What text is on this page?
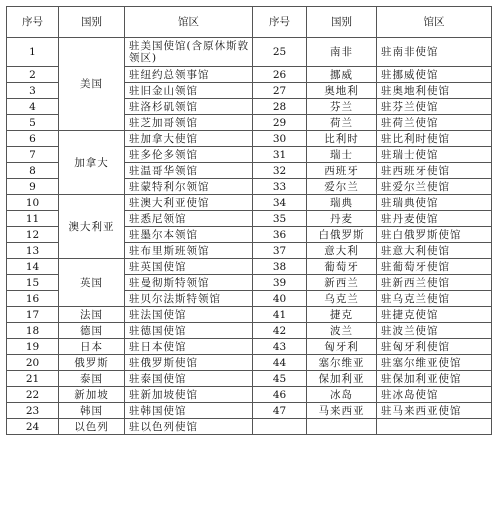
序号	国别	馆区	序号	国别	馆区
1	美国	驻美国使馆(含原休斯敦领区)	25	南非	驻南非使馆
2		驻纽约总领事馆	26	挪威	驻挪威使馆
3		驻旧金山领馆	27	奥地利	驻奥地利使馆
4		驻洛杉矶领馆	28	芬兰	驻芬兰使馆
5		驻芝加哥领馆	29	荷兰	驻荷兰使馆
6	加拿大	驻加拿大使馆	30	比利时	驻比利时使馆
7		驻多伦多领馆	31	瑞士	驻瑞士使馆
8		驻温哥华领馆	32	西班牙	驻西班牙使馆
9		驻蒙特利尔领馆	33	爱尔兰	驻爱尔兰使馆
10	澳大利亚	驻澳大利亚使馆	34	瑞典	驻瑞典使馆
11		驻悉尼领馆	35	丹麦	驻丹麦使馆
12		驻墨尔本领馆	36	白俄罗斯	驻白俄罗斯使馆
13		驻布里斯班领馆	37	意大利	驻意大利使馆
14	英国	驻英国使馆	38	葡萄牙	驻葡萄牙使馆
15		驻曼彻斯特领馆	39	新西兰	驻新西兰使馆
16		驻贝尔法斯特领馆	40	乌克兰	驻乌克兰使馆
17	法国	驻法国使馆	41	捷克	驻捷克使馆
18	德国	驻德国使馆	42	波兰	驻波兰使馆
19	日本	驻日本使馆	43	匈牙利	驻匈牙利使馆
20	俄罗斯	驻俄罗斯使馆	44	塞尔维亚	驻塞尔维亚使馆
21	泰国	驻泰国使馆	45	保加利亚	驻保加利亚使馆
22	新加坡	驻新加坡使馆	46	冰岛	驻冰岛使馆
23	韩国	驻韩国使馆	47	马来西亚	驻马来西亚使馆
24	以色列	驻以色列使馆			
